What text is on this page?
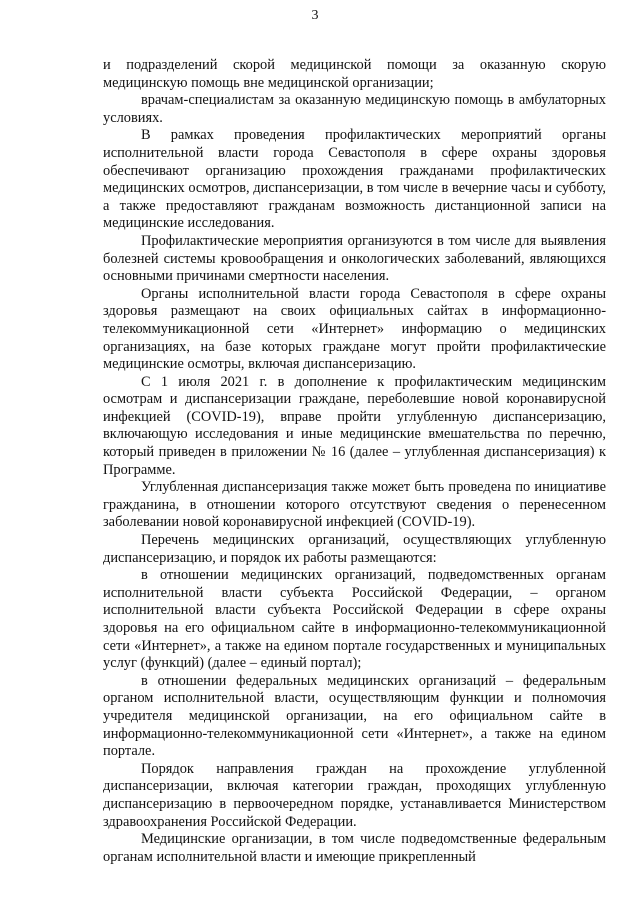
3

и подразделений скорой медицинской помощи за оказанную скорую медицинскую помощь вне медицинской организации;

врачам-специалистам за оказанную медицинскую помощь в амбулаторных условиях.

В рамках проведения профилактических мероприятий органы исполнительной власти города Севастополя в сфере охраны здоровья обеспечивают организацию прохождения гражданами профилактических медицинских осмотров, диспансеризации, в том числе в вечерние часы и субботу, а также предоставляют гражданам возможность дистанционной записи на медицинские исследования.

Профилактические мероприятия организуются в том числе для выявления болезней системы кровообращения и онкологических заболеваний, являющихся основными причинами смертности населения.

Органы исполнительной власти города Севастополя в сфере охраны здоровья размещают на своих официальных сайтах в информационно-телекоммуникационной сети «Интернет» информацию о медицинских организациях, на базе которых граждане могут пройти профилактические медицинские осмотры, включая диспансеризацию.

С 1 июля 2021 г. в дополнение к профилактическим медицинским осмотрам и диспансеризации граждане, переболевшие новой коронавирусной инфекцией (COVID-19), вправе пройти углубленную диспансеризацию, включающую исследования и иные медицинские вмешательства по перечню, который приведен в приложении № 16 (далее – углубленная диспансеризация) к Программе.

Углубленная диспансеризация также может быть проведена по инициативе гражданина, в отношении которого отсутствуют сведения о перенесенном заболевании новой коронавирусной инфекцией (COVID-19).

Перечень медицинских организаций, осуществляющих углубленную диспансеризацию, и порядок их работы размещаются:

в отношении медицинских организаций, подведомственных органам исполнительной власти субъекта Российской Федерации, – органом исполнительной власти субъекта Российской Федерации в сфере охраны здоровья на его официальном сайте в информационно-телекоммуникационной сети «Интернет», а также на едином портале государственных и муниципальных услуг (функций) (далее – единый портал);

в отношении федеральных медицинских организаций – федеральным органом исполнительной власти, осуществляющим функции и полномочия учредителя медицинской организации, на его официальном сайте в информационно-телекоммуникационной сети «Интернет», а также на едином портале.

Порядок направления граждан на прохождение углубленной диспансеризации, включая категории граждан, проходящих углубленную диспансеризацию в первоочередном порядке, устанавливается Министерством здравоохранения Российской Федерации.

Медицинские организации, в том числе подведомственные федеральным органам исполнительной власти и имеющие прикрепленный
